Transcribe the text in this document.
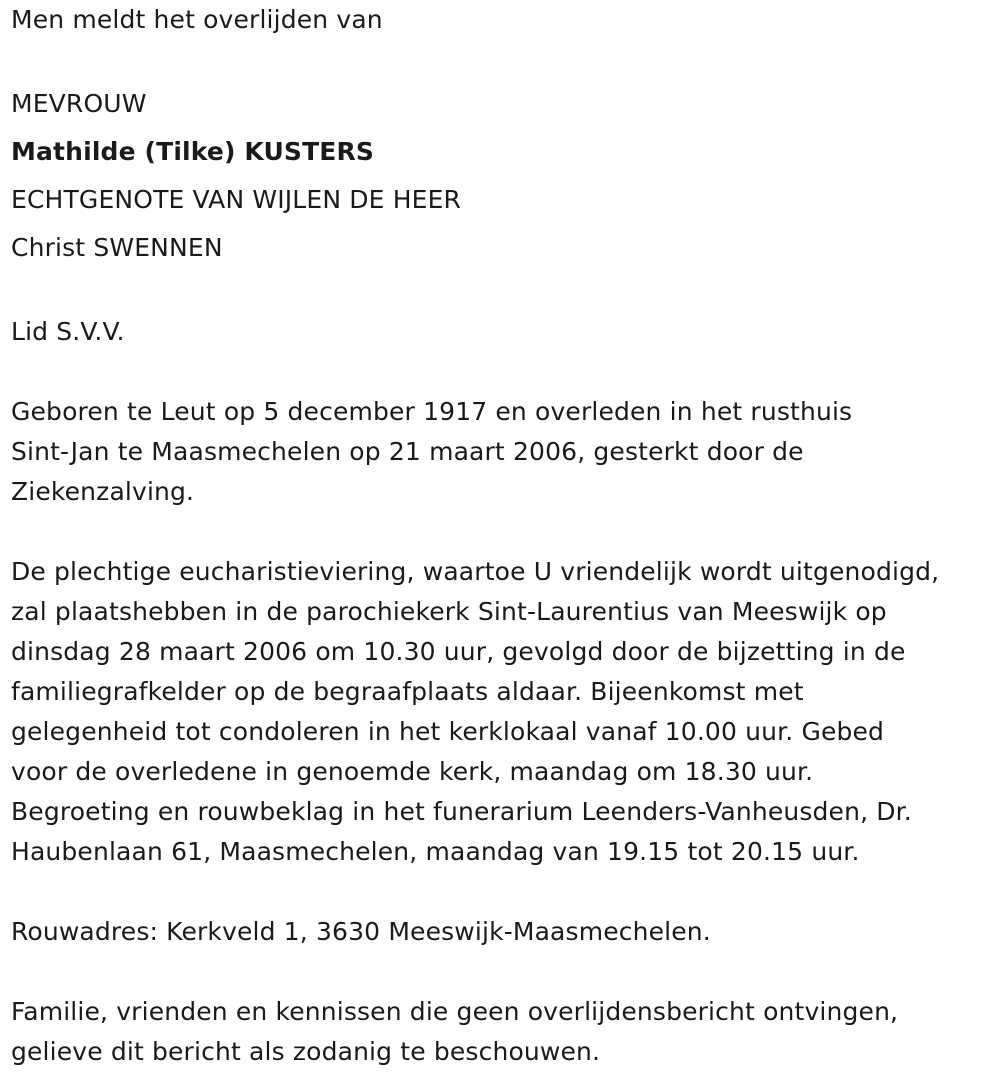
Men meldt het overlijden van
MEVROUW
Mathilde (Tilke) KUSTERS
ECHTGENOTE VAN WIJLEN DE HEER
Christ SWENNEN
Lid S.V.V.
Geboren te Leut op 5 december 1917 en overleden in het rusthuis
Sint-Jan te Maasmechelen op 21 maart 2006, gesterkt door de
Ziekenzalving.
De plechtige eucharistieviering, waartoe U vriendelijk wordt uitgenodigd,
zal plaatshebben in de parochiekerk Sint-Laurentius van Meeswijk op
dinsdag 28 maart 2006 om 10.30 uur, gevolgd door de bijzetting in de
familiegrafkelder op de begraafplaats aldaar. Bijeenkomst met
gelegenheid tot condoleren in het kerklokaal vanaf 10.00 uur. Gebed
voor de overledene in genoemde kerk, maandag om 18.30 uur.
Begroeting en rouwbeklag in het funerarium Leenders-Vanheusden, Dr.
Haubenlaan 61, Maasmechelen, maandag van 19.15 tot 20.15 uur.
Rouwadres: Kerkveld 1, 3630 Meeswijk-Maasmechelen.
Familie, vrienden en kennissen die geen overlijdensbericht ontvingen,
gelieve dit bericht als zodanig te beschouwen.
